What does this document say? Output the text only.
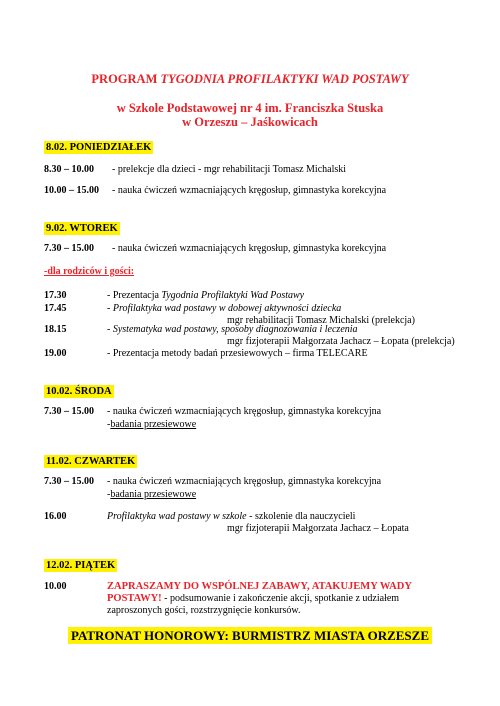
PROGRAM TYGODNIA PROFILAKTYKI WAD POSTAWY
w Szkole Podstawowej nr 4 im. Franciszka Stuska
w Orzeszu – Jaśkowicach
8.02. PONIEDZIAŁEK
8.30 – 10.00 - prelekcje dla dzieci - mgr rehabilitacji Tomasz Michalski
10.00 – 15.00 - nauka ćwiczeń wzmacniających kręgosłup, gimnastyka korekcyjna
9.02. WTOREK
7.30 – 15.00 - nauka ćwiczeń wzmacniających kręgosłup, gimnastyka korekcyjna
-dla rodziców i gości:
17.30	- Prezentacja Tygodnia Profilaktyki Wad Postawy
17.45	- Profilaktyka wad postawy w dobowej aktywności dziecka
mgr rehabilitacji Tomasz Michalski (prelekcja)
18.15	- Systematyka wad postawy, sposoby diagnozowania i leczenia
mgr fizjoterapii Małgorzata Jachacz – Łopata (prelekcja)
19.00	- Prezentacja metody badań przesiewowych – firma TELECARE
10.02. ŚRODA
7.30 – 15.00 - nauka ćwiczeń wzmacniających kręgosłup, gimnastyka korekcyjna
-badania przesiewowe
11.02. CZWARTEK
7.30 – 15.00 - nauka ćwiczeń wzmacniających kręgosłup, gimnastyka korekcyjna
-badania przesiewowe
16.00	Profilaktyka wad postawy w szkole - szkolenie dla nauczycieli
mgr fizjoterapii Małgorzata Jachacz – Łopata
12.02. PIĄTEK
10.00	ZAPRASZAMY DO WSPÓLNEJ ZABAWY, ATAKUJEMY WADY
POSTAWY! - podsumowanie i zakończenie akcji, spotkanie z udziałem
zaproszonych gości, rozstrzygnięcie konkursów.
PATRONAT HONOROWY: BURMISTRZ MIASTA ORZESZE
